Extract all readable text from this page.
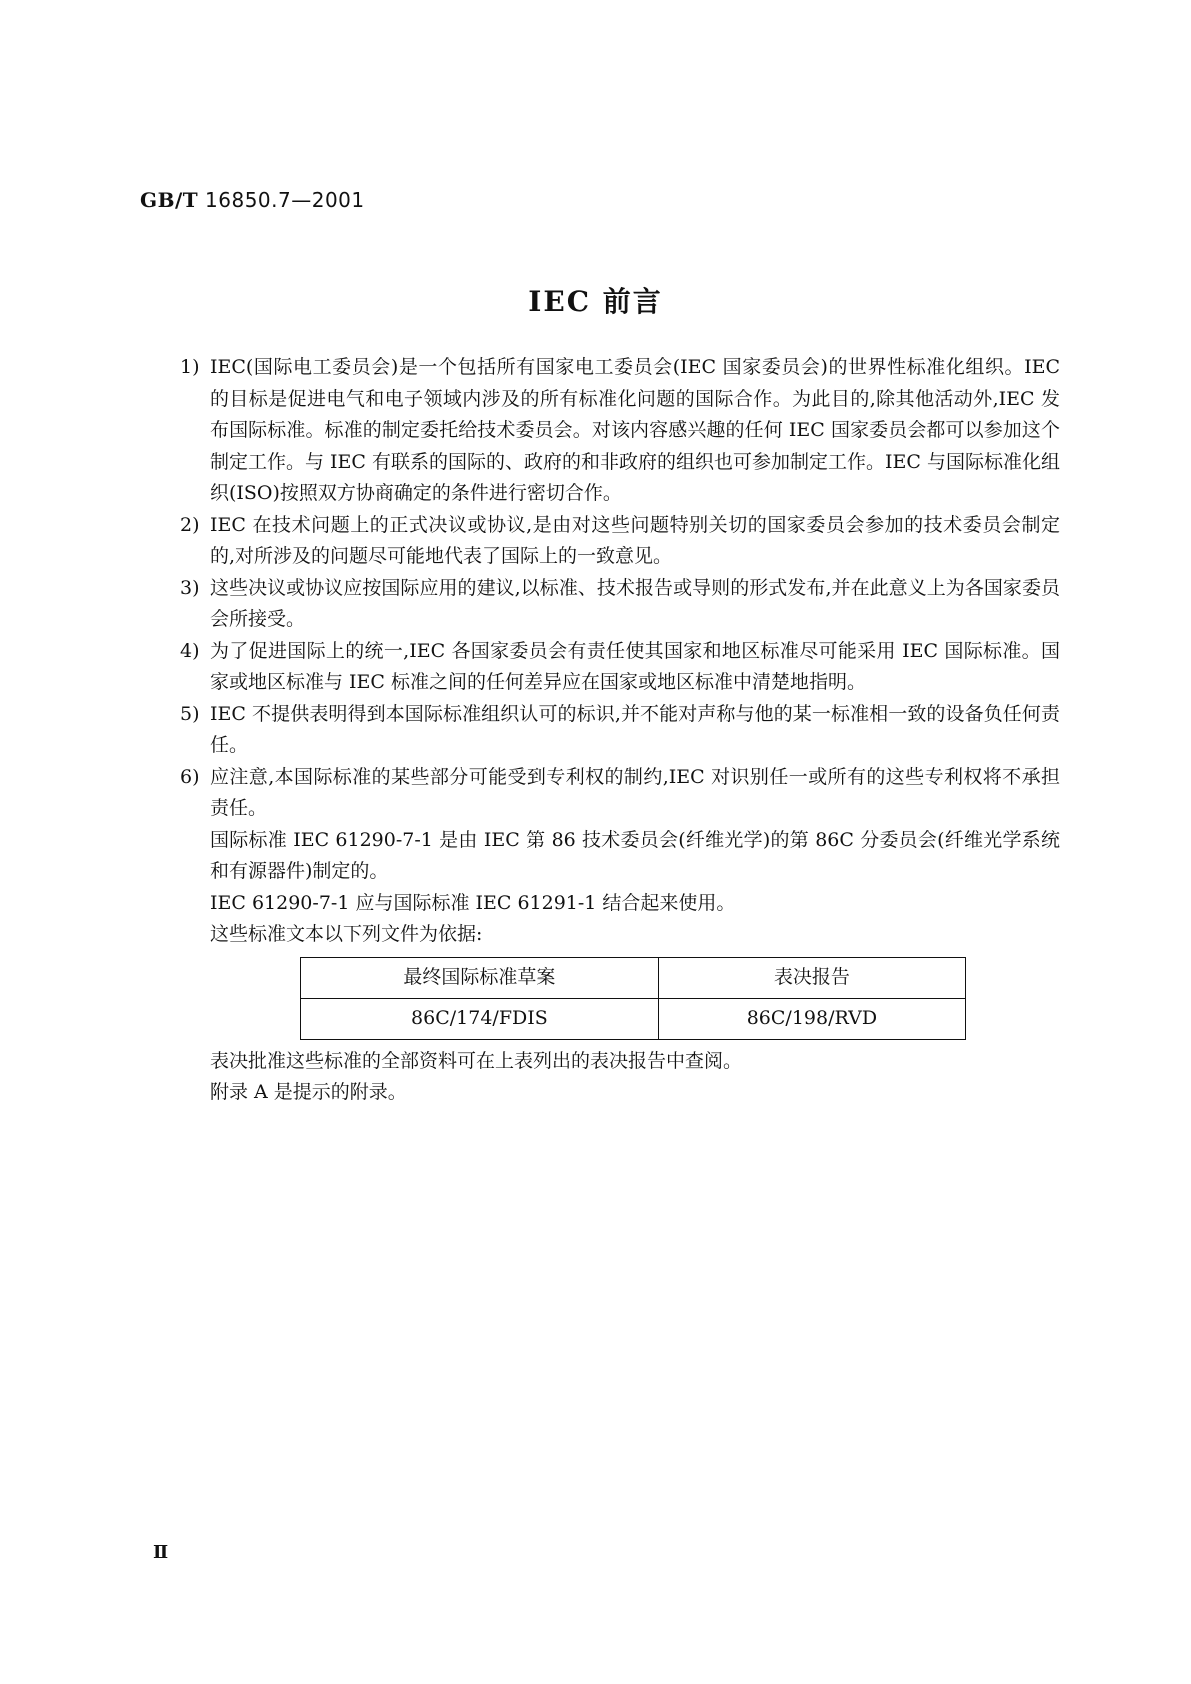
GB/T 16850.7—2001
IEC 前言
1) IEC(国际电工委员会)是一个包括所有国家电工委员会(IEC 国家委员会)的世界性标准化组织。IEC 的目标是促进电气和电子领域内涉及的所有标准化问题的国际合作。为此目的,除其他活动外,IEC 发布国际标准。标准的制定委托给技术委员会。对该内容感兴趣的任何 IEC 国家委员会都可以参加这个制定工作。与 IEC 有联系的国际的、政府的和非政府的组织也可参加制定工作。IEC 与国际标准化组织(ISO)按照双方协商确定的条件进行密切合作。
2) IEC 在技术问题上的正式决议或协议,是由对这些问题特别关切的国家委员会参加的技术委员会制定的,对所涉及的问题尽可能地代表了国际上的一致意见。
3) 这些决议或协议应按国际应用的建议,以标准、技术报告或导则的形式发布,并在此意义上为各国家委员会所接受。
4) 为了促进国际上的统一,IEC 各国家委员会有责任使其国家和地区标准尽可能采用 IEC 国际标准。国家或地区标准与 IEC 标准之间的任何差异应在国家或地区标准中清楚地指明。
5) IEC 不提供表明得到本国际标准组织认可的标识,并不能对声称与他的某一标准相一致的设备负任何责任。
6) 应注意,本国际标准的某些部分可能受到专利权的制约,IEC 对识别任一或所有的这些专利权将不承担责任。
国际标准 IEC 61290-7-1 是由 IEC 第 86 技术委员会(纤维光学)的第 86C 分委员会(纤维光学系统和有源器件)制定的。
IEC 61290-7-1 应与国际标准 IEC 61291-1 结合起来使用。
这些标准文本以下列文件为依据:
最终国际标准草案	表决报告
86C/174/FDIS	86C/198/RVD
表决批准这些标准的全部资料可在上表列出的表决报告中查阅。
附录 A 是提示的附录。
Ⅱ
